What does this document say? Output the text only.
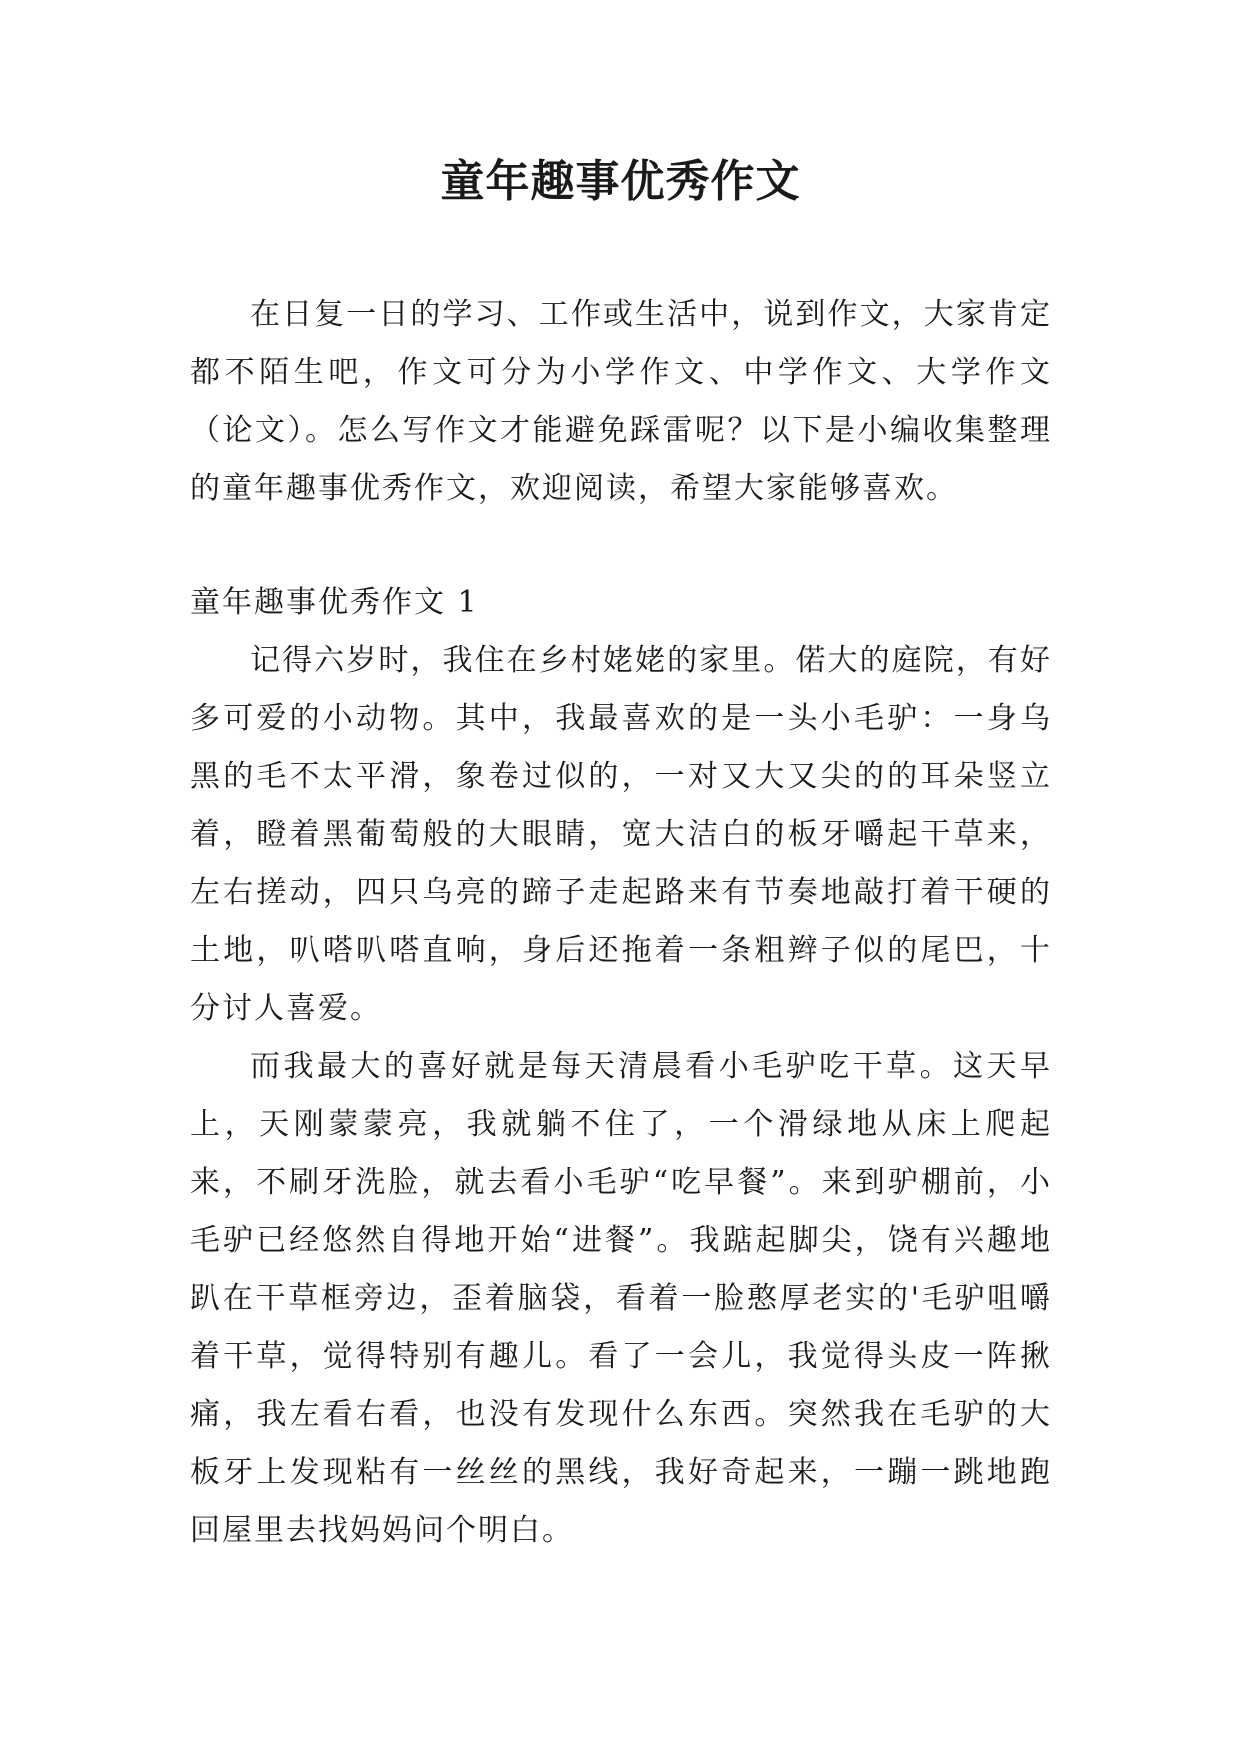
童年趣事优秀作文

在日复一日的学习、工作或生活中，说到作文，大家肯定都不陌生吧，作文可分为小学作文、中学作文、大学作文（论文）。怎么写作文才能避免踩雷呢？以下是小编收集整理的童年趣事优秀作文，欢迎阅读，希望大家能够喜欢。

童年趣事优秀作文 1

记得六岁时，我住在乡村姥姥的家里。偌大的庭院，有好多可爱的小动物。其中，我最喜欢的是一头小毛驴：一身乌黑的毛不太平滑，象卷过似的，一对又大又尖的的耳朵竖立着，瞪着黑葡萄般的大眼睛，宽大洁白的板牙嚼起干草来，左右搓动，四只乌亮的蹄子走起路来有节奏地敲打着干硬的土地，叭嗒叭嗒直响，身后还拖着一条粗辫子似的尾巴，十分讨人喜爱。

而我最大的喜好就是每天清晨看小毛驴吃干草。这天早上，天刚蒙蒙亮，我就躺不住了，一个滑绿地从床上爬起来，不刷牙洗脸，就去看小毛驴“吃早餐”。来到驴棚前，小毛驴已经悠然自得地开始“进餐”。我踮起脚尖，饶有兴趣地趴在干草框旁边，歪着脑袋，看着一脸憨厚老实的'毛驴咀嚼着干草，觉得特别有趣儿。看了一会儿，我觉得头皮一阵揪痛，我左看右看，也没有发现什么东西。突然我在毛驴的大板牙上发现粘有一丝丝的黑线，我好奇起来，一蹦一跳地跑回屋里去找妈妈问个明白。
